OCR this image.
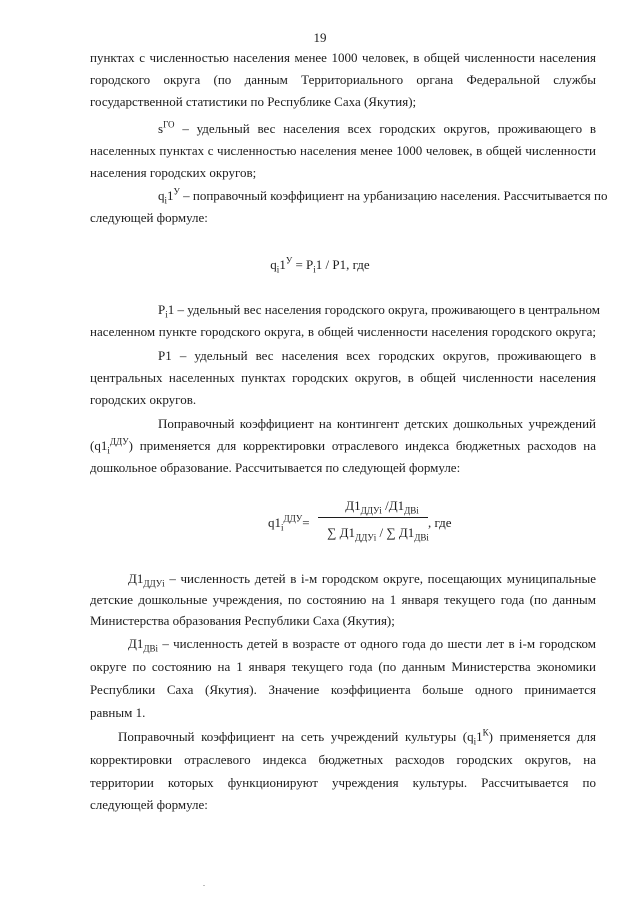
19
пунктах с численностью населения менее 1000 человек, в общей численности населения
городского округа (по данным Территориального органа Федеральной службы
государственной статистики по Республике Саха (Якутия);
$s^{ГО}$ – удельный вес населения всех городских округов, проживающего в
населенных пунктах с численностью населения менее 1000 человек, в общей численности
населения городских округов;
$q_i1^У$ – поправочный коэффициент на урбанизацию населения. Рассчитывается по
следующей формуле:
$q_i1^У = P_i1 / P1$, где
$P_i1$ – удельный вес населения городского округа, проживающего в центральном
населенном пункте городского округа, в общей численности населения городского округа;
P1 – удельный вес населения всех городских округов, проживающего в
центральных населенных пунктах городских округов, в общей численности населения
городских округов.
Поправочный коэффициент на контингент детских дошкольных учреждений
$(q1_i^{ДДУ})$ применяется для корректировки отраслевого индекса бюджетных расходов на
дошкольное образование. Рассчитывается по следующей формуле:
$q1_i^{ДДУ}=$
$Д1_{ДДУi}$ $/Д1_{ДВi}$
, где
∑ $Д1_{ДДУi}$ / ∑ $Д1_{ДВi}$
$Д1_{ДДУi}$ – численность детей в i-м городском округе, посещающих муниципальные
детские дошкольные учреждения, по состоянию на 1 января текущего года (по данным
Министерства образования Республики Саха (Якутия);
$Д1_{ДВi}$ – численность детей в возрасте от одного года до шести лет в i-м городском
округе по состоянию на 1 января текущего года (по данным Министерства экономики
Республики Саха (Якутия). Значение коэффициента больше одного принимается
равным 1.
Поправочный коэффициент на сеть учреждений культуры $(q_i1^К)$ применяется для
корректировки отраслевого индекса бюджетных расходов городских округов, на
территории которых функционируют учреждения культуры. Рассчитывается по
следующей формуле:
